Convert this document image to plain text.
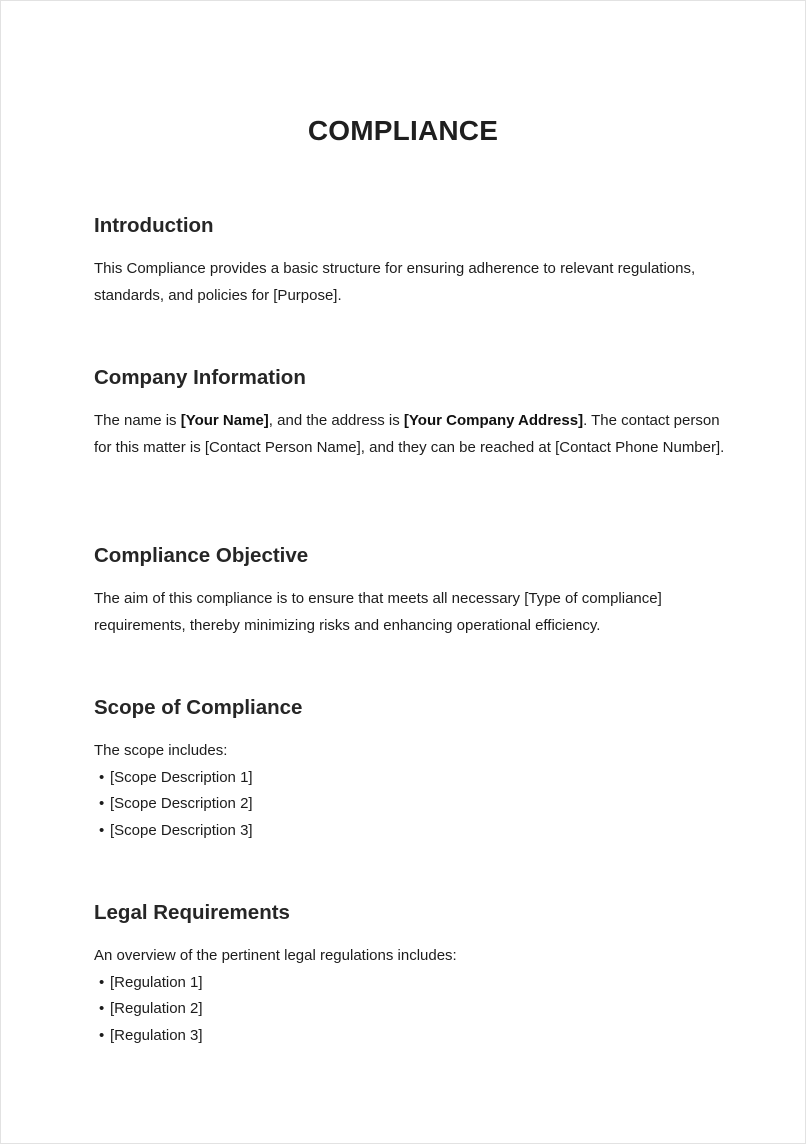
COMPLIANCE
Introduction

This Compliance provides a basic structure for ensuring adherence to relevant regulations, standards, and policies for [Purpose].

Company Information

The name is [Your Name], and the address is [Your Company Address]. The contact person for this matter is [Contact Person Name], and they can be reached at [Contact Phone Number].

Compliance Objective

The aim of this compliance is to ensure that meets all necessary [Type of compliance] requirements, thereby minimizing risks and enhancing operational efficiency.

Scope of Compliance

The scope includes:

• [Scope Description 1]
• [Scope Description 2]
• [Scope Description 3]
Legal Requirements

An overview of the pertinent legal regulations includes:

• [Regulation 1]
• [Regulation 2]
• [Regulation 3]
